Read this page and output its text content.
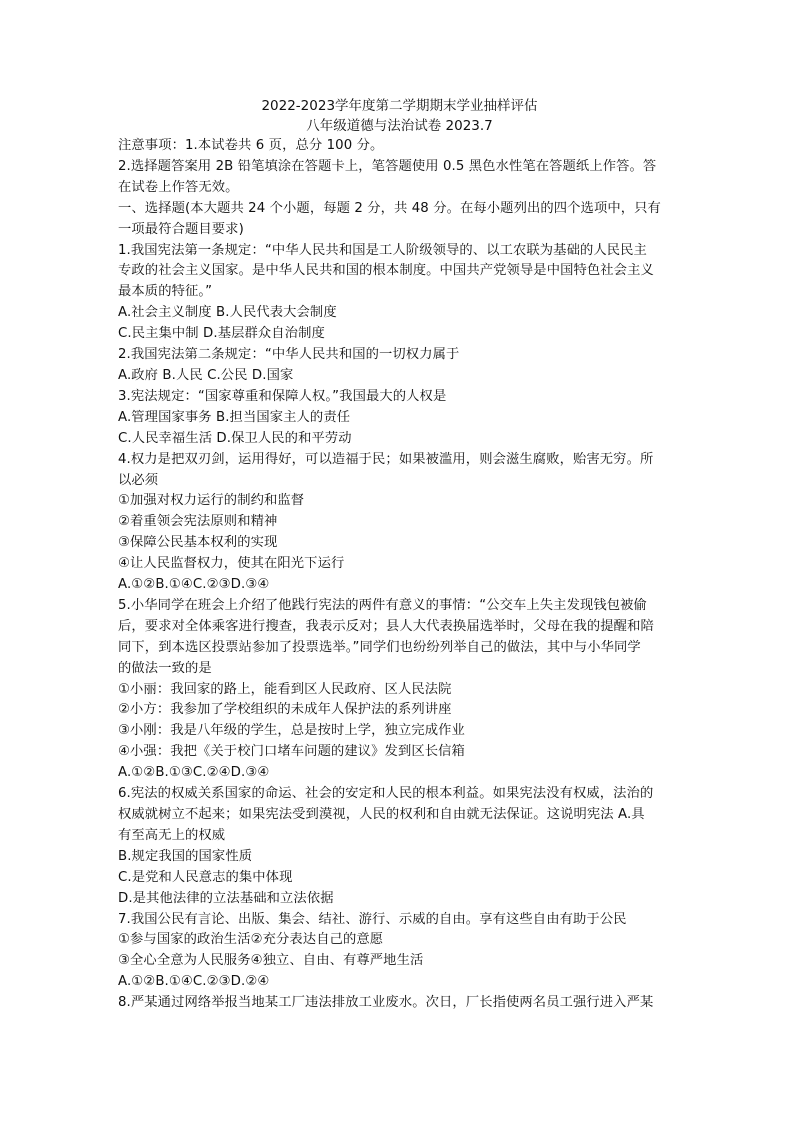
2022-2023学年度第二学期期末学业抽样评估
八年级道德与法治试卷 2023.7
注意事项：1.本试卷共 6 页，总分 100 分。
2.选择题答案用 2B 铅笔填涂在答题卡上，笔答题使用 0.5 黑色水性笔在答题纸上作答。答
在试卷上作答无效。
一、选择题(本大题共 24 个小题，每题 2 分，共 48 分。在每小题列出的四个选项中，只有
一项最符合题目要求)
1.我国宪法第一条规定：“中华人民共和国是工人阶级领导的、以工农联为基础的人民民主
专政的社会主义国家。是中华人民共和国的根本制度。中国共产党领导是中国特色社会主义
最本质的特征。”
A.社会主义制度 B.人民代表大会制度
C.民主集中制 D.基层群众自治制度
2.我国宪法第二条规定：“中华人民共和国的一切权力属于
A.政府 B.人民 C.公民 D.国家
3.宪法规定：“国家尊重和保障人权。”我国最大的人权是
A.管理国家事务 B.担当国家主人的责任
C.人民幸福生活 D.保卫人民的和平劳动
4.权力是把双刃剑，运用得好，可以造福于民；如果被滥用，则会滋生腐败，贻害无穷。所
以必须
①加强对权力运行的制约和监督
②着重领会宪法原则和精神
③保障公民基本权利的实现
④让人民监督权力，使其在阳光下运行
A.①②B.①④C.②③D.③④
5.小华同学在班会上介绍了他践行宪法的两件有意义的事情：“公交车上失主发现钱包被偷
后，要求对全体乘客进行搜查，我表示反对；县人大代表换届选举时，父母在我的提醒和陪
同下，到本选区投票站参加了投票选举。”同学们也纷纷列举自己的做法，其中与小华同学
的做法一致的是
①小丽：我回家的路上，能看到区人民政府、区人民法院
②小方：我参加了学校组织的未成年人保护法的系列讲座
③小刚：我是八年级的学生，总是按时上学，独立完成作业
④小强：我把《关于校门口堵车问题的建议》发到区长信箱
A.①②B.①③C.②④D.③④
6.宪法的权威关系国家的命运、社会的安定和人民的根本利益。如果宪法没有权威，法治的
权威就树立不起来；如果宪法受到漠视，人民的权利和自由就无法保证。这说明宪法 A.具
有至高无上的权威
B.规定我国的国家性质
C.是党和人民意志的集中体现
D.是其他法律的立法基础和立法依据
7.我国公民有言论、出版、集会、结社、游行、示威的自由。享有这些自由有助于公民
①参与国家的政治生活②充分表达自己的意愿
③全心全意为人民服务④独立、自由、有尊严地生活
A.①②B.①④C.②③D.②④
8.严某通过网络举报当地某工厂违法排放工业废水。次日，厂长指使两名员工强行进入严某
